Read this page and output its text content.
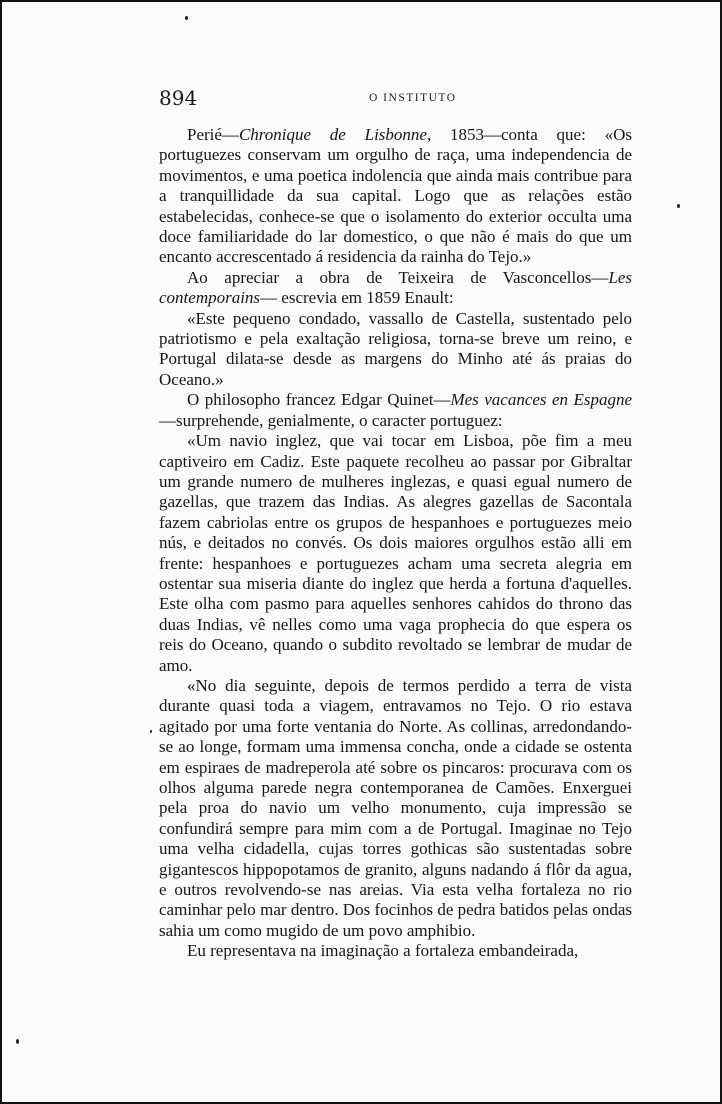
894	O INSTITUTO

Perié—Chronique de Lisbonne, 1853—conta que: «Os portuguezes conservam um orgulho de raça, uma independencia de movimentos, e uma poetica indolencia que ainda mais contribue para a tranquillidade da sua capital. Logo que as relações estão estabelecidas, conhece-se que o isolamento do exterior occulta uma doce familiaridade do lar domestico, o que não é mais do que um encanto accrescentado á residencia da rainha do Tejo.»

Ao apreciar a obra de Teixeira de Vasconcellos—Les contemporains— escrevia em 1859 Enault:

«Este pequeno condado, vassallo de Castella, sustentado pelo patriotismo e pela exaltação religiosa, torna-se breve um reino, e Portugal dilata-se desde as margens do Minho até ás praias do Oceano.»

O philosopho francez Edgar Quinet—Mes vacances en Espagne—surprehende, genialmente, o caracter portuguez:

«Um navio inglez, que vai tocar em Lisboa, põe fim a meu captiveiro em Cadiz. Este paquete recolheu ao passar por Gibraltar um grande numero de mulheres inglezas, e quasi egual numero de gazellas, que trazem das Indias. As alegres gazellas de Sacontala fazem cabriolas entre os grupos de hespanhoes e portuguezes meio nús, e deitados no convés. Os dois maiores orgulhos estão alli em frente: hespanhoes e portuguezes acham uma secreta alegria em ostentar sua miseria diante do inglez que herda a fortuna d'aquelles. Este olha com pasmo para aquelles senhores cahidos do throno das duas Indias, vê nelles como uma vaga prophecia do que espera os reis do Oceano, quando o subdito revoltado se lembrar de mudar de amo.

«No dia seguinte, depois de termos perdido a terra de vista durante quasi toda a viagem, entravamos no Tejo. O rio estava agitado por uma forte ventania do Norte. As collinas, arredondando-se ao longe, formam uma immensa concha, onde a cidade se ostenta em espiraes de madreperola até sobre os pincaros: procurava com os olhos alguma parede negra contemporanea de Camões. Enxerguei pela proa do navio um velho monumento, cuja impressão se confundirá sempre para mim com a de Portugal. Imaginae no Tejo uma velha cidadella, cujas torres gothicas são sustentadas sobre gigantescos hippopotamos de granito, alguns nadando á flôr da agua, e outros revolvendo-se nas areias. Via esta velha fortaleza no rio caminhar pelo mar dentro. Dos focinhos de pedra batidos pelas ondas sahia um como mugido de um povo amphibio.

Eu representava na imaginação a fortaleza embandeirada,
